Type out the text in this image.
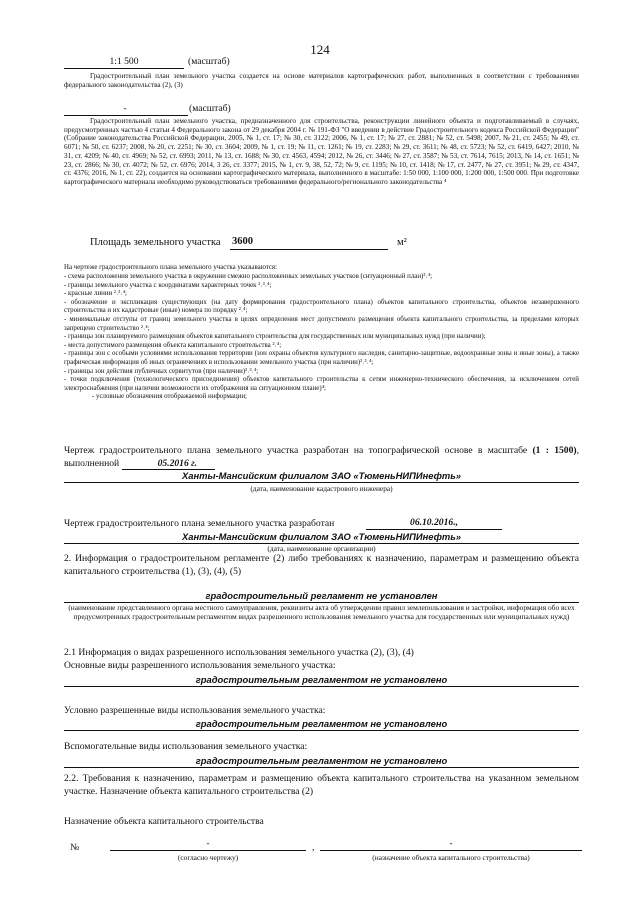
124
1:1 500	(масштаб)
Градостроительный план земельного участка создается на основе материалов картографических работ, выполненных в соответствии с требованиями федерального законодательства (2), (3)
-	(масштаб)
Градостроительный план земельного участка, предназначенного для строительства, реконструкции линейного объекта и подготавливаемый в случаях, предусмотренных частью 4 статьи 4 Федерального закона от 29 декабря 2004 г. № 191-ФЗ "О введении в действие Градостроительного кодекса Российской Федерации" (Собрание законодательства Российской Федерации, 2005, № 1, ст. 17; № 30, ст. 3122; 2006, № 1, ст. 17; № 27, ст. 2881; № 52, ст. 5498; 2007, № 21, ст. 2455; № 49, ст. 6071; № 50, ст. 6237; 2008, № 20, ст. 2251; № 30, ст. 3604; 2009, № 1, ст. 19; № 11, ст. 1261; № 19, ст. 2283; № 29, ст. 3611; № 48, ст. 5723; № 52, ст. 6419, 6427; 2010, № 31, ст. 4209; № 40, ст. 4969; № 52, ст. 6993; 2011, № 13, ст. 1688; № 30, ст. 4563, 4594; 2012, № 26, ст. 3446; № 27, ст. 3587; № 53, ст. 7614, 7615; 2013, № 14, ст. 1651; № 23, ст. 2866; № 30, ст. 4072; № 52, ст. 6976; 2014, 3 26, ст. 3377; 2015, № 1, ст. 9, 38, 52, 72; № 9, ст. 1195; № 10, ст. 1418; № 17, ст. 2477, № 27, ст. 3951; № 29, ст. 4347, ст. 4376; 2016, № 1, ст. 22), создается на основании картографического материала, выполненного в масштабе: 1:50 000, 1:100 000, 1:200 000, 1:500 000. При подготовке картографического материала необходимо руководствоваться требованиями федерального/регионального законодательства ⁴
Площадь земельного участка 3600	м²
На чертеже градостроительного плана земельного участка указываются:
- схема расположения земельного участка в окружении смежно расположенных земельных участков (ситуационный план)³˒⁴;
- границы земельного участка с координатами характерных точек ²˒³˒⁴;
- красные линии ²˒³˒⁴;
- обозначение и экспликация существующих (на дату формирования градостроительного плана) объектов капитального строительства, объектов незавершенного строительства и их кадастровые (иные) номера по порядку ²˒⁴;
- минимальные отступы от границ земельного участка в целях определения мест допустимого размещения объекта капитального строительства, за пределами которых запрещено строительство ²˒⁴;
- границы зон планируемого размещения объектов капитального строительства для государственных или муниципальных нужд (при наличии);
- места допустимого размещения объекта капитального строительства ²˒⁴;
- границы зон с особыми условиями использования территории (зон охраны объектов культурного наследия, санитарно-защитные, водоохранные зоны и иные зоны), а также графическая информация об иных ограничениях в использовании земельного участка (при наличии)²˒³˒⁴;
- границы зон действия публичных сервитутов (при наличии)²˒³˒⁴;
- точки подключения (технологического присоединения) объектов капитального строительства к сетям инженерно-технического обеспечения, за исключением сетей электроснабжения (при наличии возможности их отображения на ситуационном плане)⁴;
- условные обозначения отображаемой информации;
Чертеж градостроительного плана земельного участка разработан на топографической основе в масштабе (1 : 1500), выполненной	05.2016 г.
Ханты-Мансийским филиалом ЗАО «ТюменьНИПИнефть»
(дата, наименование кадастрового инженера)
Чертеж градостроительного плана земельного участка разработан	06.10.2016.,
Ханты-Мансийским филиалом ЗАО «ТюменьНИПИнефть»
(дата, наименование организации)
2. Информация о градостроительном регламенте (2) либо требованиях к назначению, параметрам и размещению объекта капитального строительства (1), (3), (4), (5)
градостроительный регламент не установлен
(наименование представленного органа местного самоуправления, реквизиты акта об утверждении правил землепользования и застройки, информация обо всех предусмотренных градостроительным регламентом видах разрешенного использования земельного участка для государственных или муниципальных нужд)
2.1 Информация о видах разрешенного использования земельного участка (2), (3), (4)
Основные виды разрешенного использования земельного участка:
градостроительным регламентом не установлено
Условно разрешенные виды использования земельного участка:
градостроительным регламентом не установлено
Вспомогательные виды использования земельного участка:
градостроительным регламентом не установлено
2.2. Требования к назначению, параметрам и размещению объекта капитального строительства на указанном земельном участке. Назначение объекта капитального строительства (2)
Назначение объекта капитального строительства
№	-	,	-
(согласно чертежу)	(назначение объекта капитального строительства)
